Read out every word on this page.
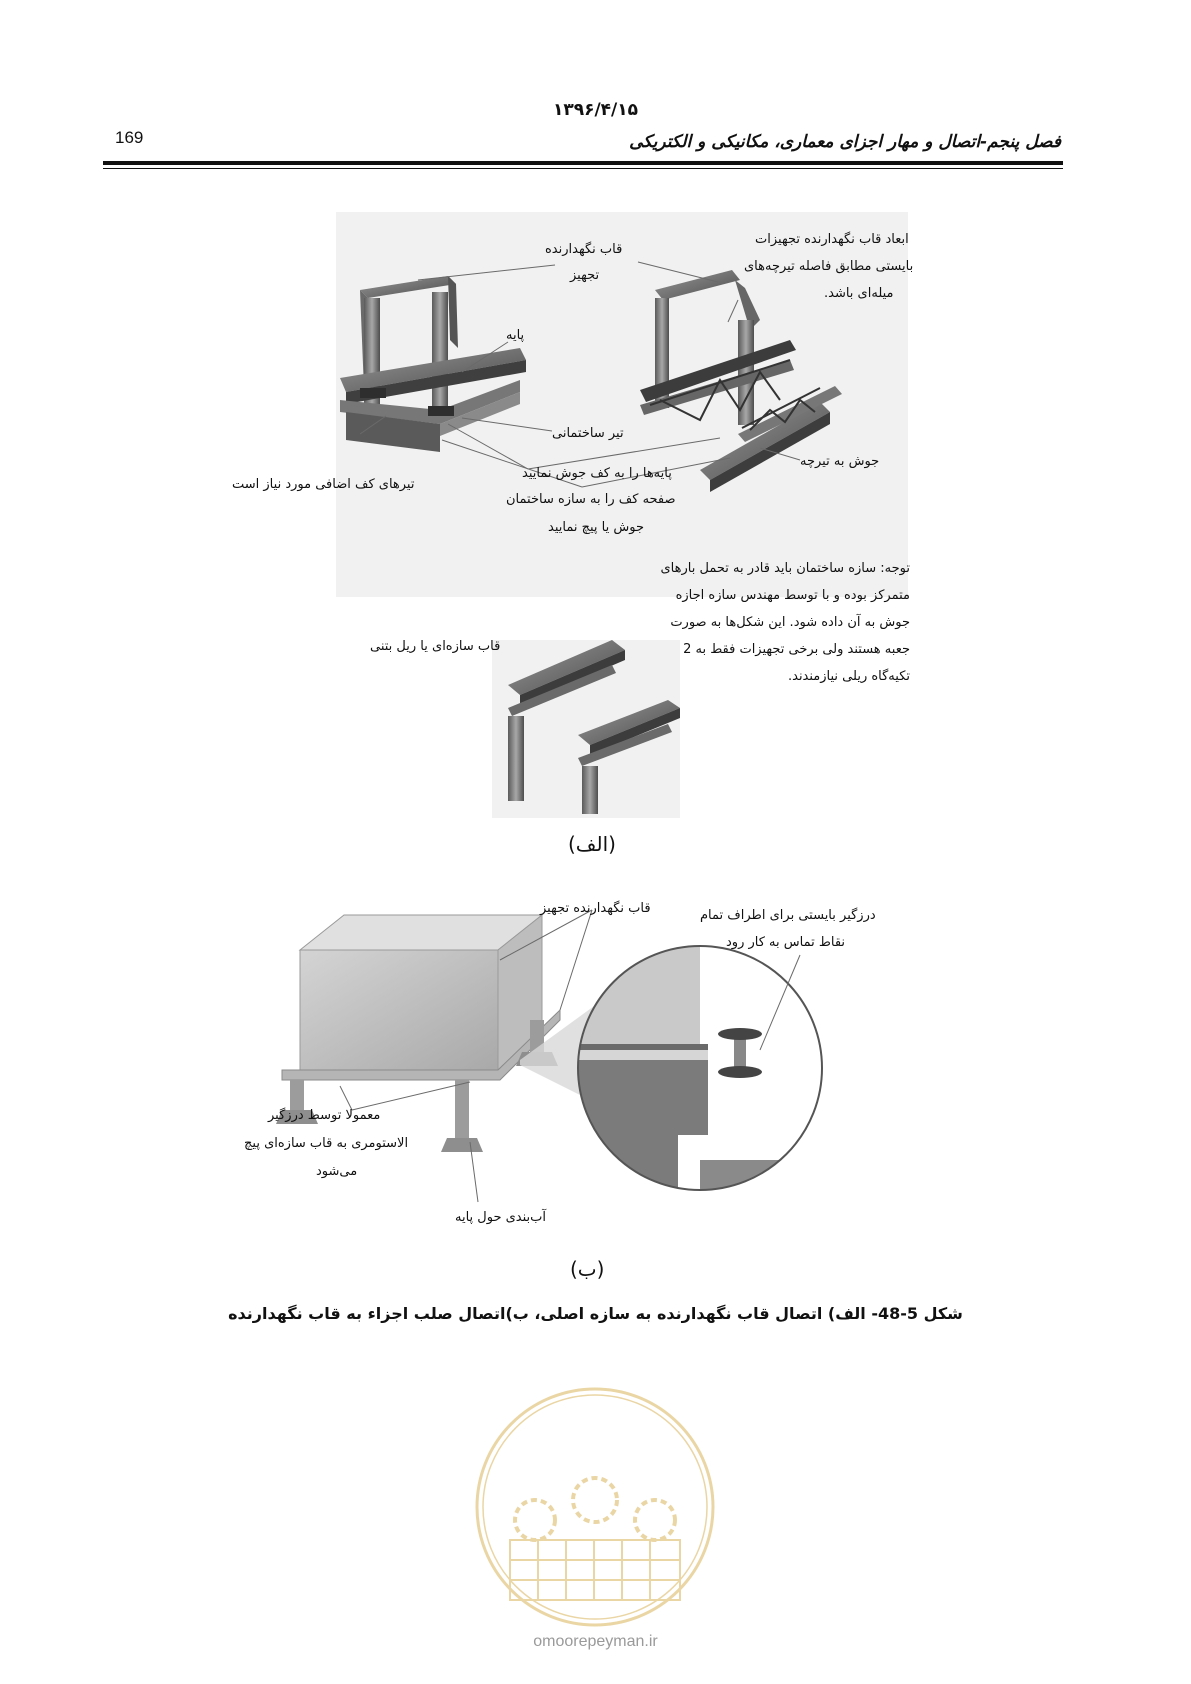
۱۳۹۶/۴/۱۵
169	فصل پنجم-اتصال و مهار اجزای معماری، مکانیکی و الکتریکی
قاب نگهدارنده
تجهیز
ابعاد قاب نگهدارنده تجهیزات
بایستی مطابق فاصله تیرچه‌های
میله‌ای باشد.
پایه
تیر ساختمانی
جوش به تیرچه
تیرهای کف اضافی مورد نیاز است
پایه‌ها را به کف جوش نمایید
صفحه کف را به سازه ساختمان
جوش یا پیچ نمایید
قاب سازه‌ای یا ریل بتنی
توجه: سازه ساختمان باید قادر به تحمل بارهای
متمرکز بوده و با توسط مهندس سازه اجازه
جوش به آن داده شود. این شکل‌ها به صورت
جعبه هستند ولی برخی تجهیزات فقط به 2
تکیه‌گاه ریلی نیازمندند.
(الف)
قاب نگهدارنده تجهیز	درزگیر بایستی برای اطراف تمام
نقاط تماس به کار رود
معمولا توسط درزگیر
الاستومری به قاب سازه‌ای پیچ
می‌شود
آب‌بندی حول پایه
(ب)
شکل 5-48- الف) اتصال قاب نگهدارنده به سازه اصلی، ب)اتصال صلب اجزاء به قاب نگهدارنده
omoorepeyman.ir
